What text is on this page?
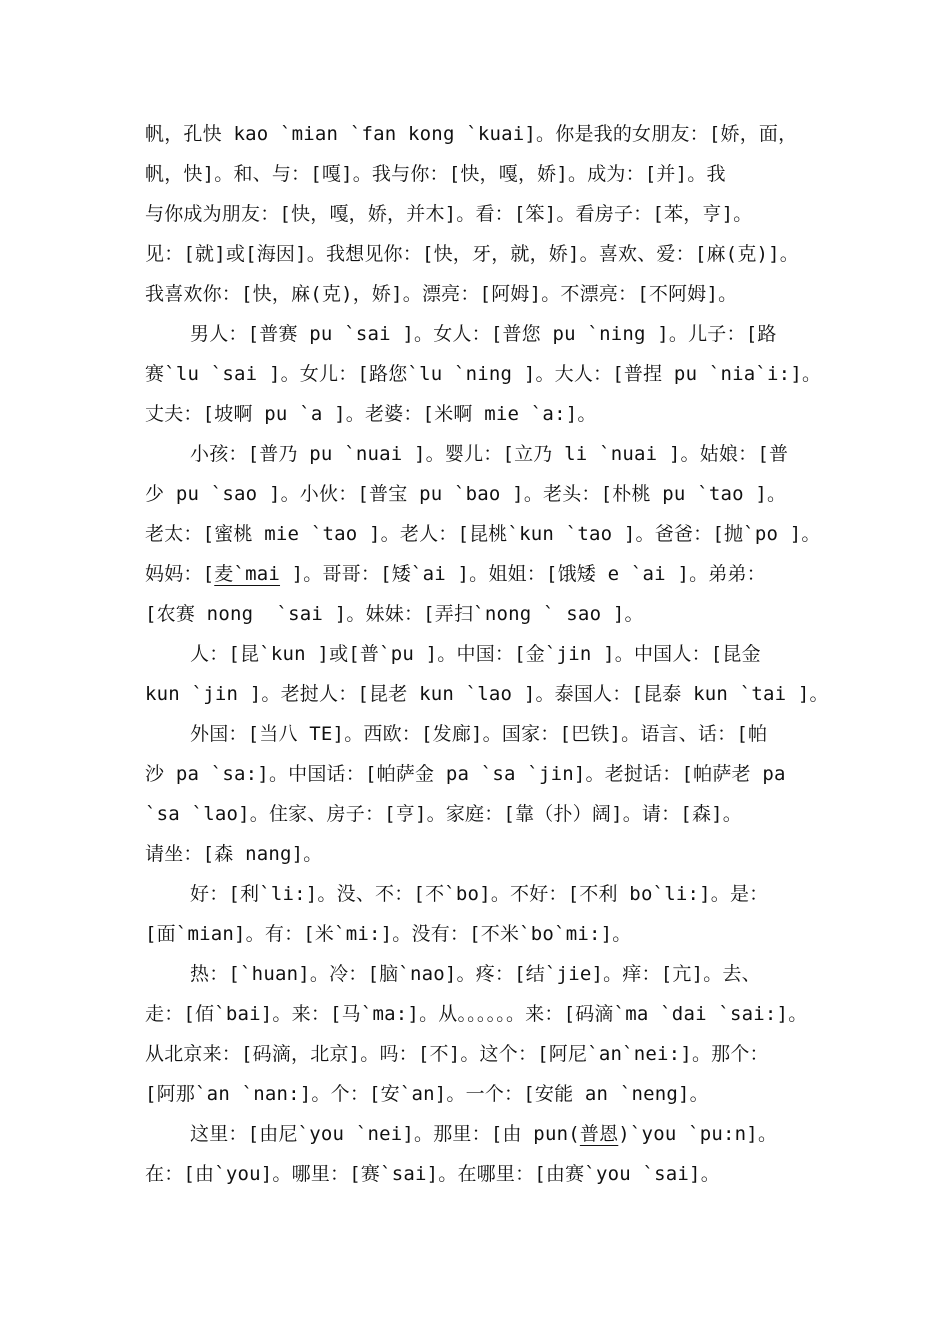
帆，孔快 kao `mian `fan kong `kuai]。你是我的女朋友：[娇，面，
帆，快]。和、与：[嘎]。我与你：[快，嘎，娇]。成为：[并]。我
与你成为朋友：[快，嘎，娇，并木]。看：[笨]。看房子：[苯，亨]。
见：[就]或[海因]。我想见你：[快，牙，就，娇]。喜欢、爱：[麻(克)]。
我喜欢你：[快，麻(克)，娇]。漂亮：[阿姆]。不漂亮：[不阿姆]。
男人：[普赛 pu `sai ]。女人：[普您 pu `ning ]。儿子：[路
赛`lu `sai ]。女儿：[路您`lu `ning ]。大人：[普捏 pu `nia`i:]。
丈夫：[坡啊 pu `a ]。老婆：[米啊 mie `a:]。
小孩：[普乃 pu `nuai ]。婴儿：[立乃 li `nuai ]。姑娘：[普
少 pu `sao ]。小伙：[普宝 pu `bao ]。老头：[朴桃 pu `tao ]。
老太：[蜜桃 mie `tao ]。老人：[昆桃`kun `tao ]。爸爸：[抛`po ]。
妈妈：[麦`mai ]。哥哥：[矮`ai ]。姐姐：[饿矮 e `ai ]。弟弟：
[农赛 nong  `sai ]。妹妹：[弄扫`nong ` sao ]。
人：[昆`kun ]或[普`pu ]。中国：[金`jin ]。中国人：[昆金
kun `jin ]。老挝人：[昆老 kun `lao ]。泰国人：[昆泰 kun `tai ]。
外国：[当八 TE]。西欧：[发廊]。国家：[巴铁]。语言、话：[帕
沙 pa `sa:]。中国话：[帕萨金 pa `sa `jin]。老挝话：[帕萨老 pa
`sa `lao]。住家、房子：[亨]。家庭：[靠（扑）阔]。请：[森]。
请坐：[森 nang]。
好：[利`li:]。没、不：[不`bo]。不好：[不利 bo`li:]。是：
[面`mian]。有：[米`mi:]。没有：[不米`bo`mi:]。
热：[`huan]。冷：[脑`nao]。疼：[结`jie]。痒：[亢]。去、
走：[佰`bai]。来：[马`ma:]。从。。。。。。来：[码滴`ma `dai `sai:]。
从北京来：[码滴，北京]。吗：[不]。这个：[阿尼`an`nei:]。那个：
[阿那`an `nan:]。个：[安`an]。一个：[安能 an `neng]。
这里：[由尼`you `nei]。那里：[由 pun(普恩)`you `pu:n]。
在：[由`you]。哪里：[赛`sai]。在哪里：[由赛`you `sai]。
